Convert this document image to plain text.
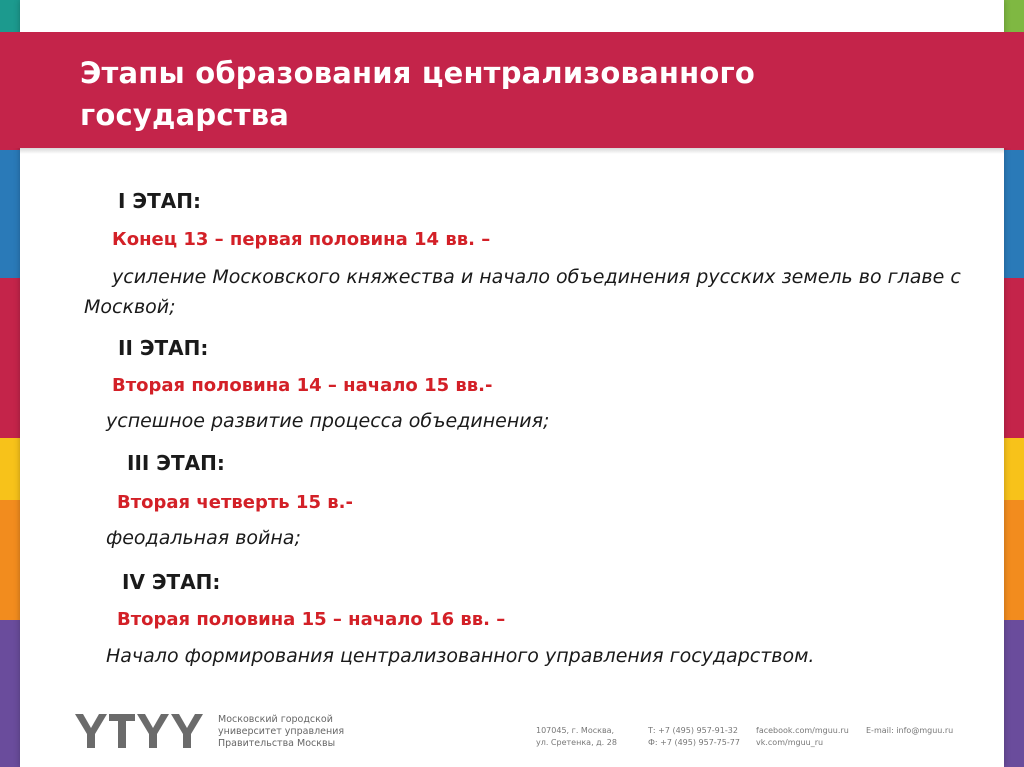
Этапы образования централизованного государства
I ЭТАП:
Конец 13 – первая половина 14 вв. –
усиление Московского княжества и начало объединения русских земель во главе с Москвой;
II ЭТАП:
Вторая половина 14 – начало 15 вв.-
успешное развитие процесса объединения;
III ЭТАП:
Вторая четверть 15 в.-
феодальная война;
IV ЭТАП:
Вторая половина 15 – начало 16 вв. –
Начало формирования централизованного управления государством.
Московский городской
университет управления
Правительства Москвы
107045, г. Москва,
ул. Сретенка, д. 28
Т: +7 (495) 957-91-32
Ф: +7 (495) 957-75-77
facebook.com/mguu.ru
vk.com/mguu_ru
E-mail: info@mguu.ru
